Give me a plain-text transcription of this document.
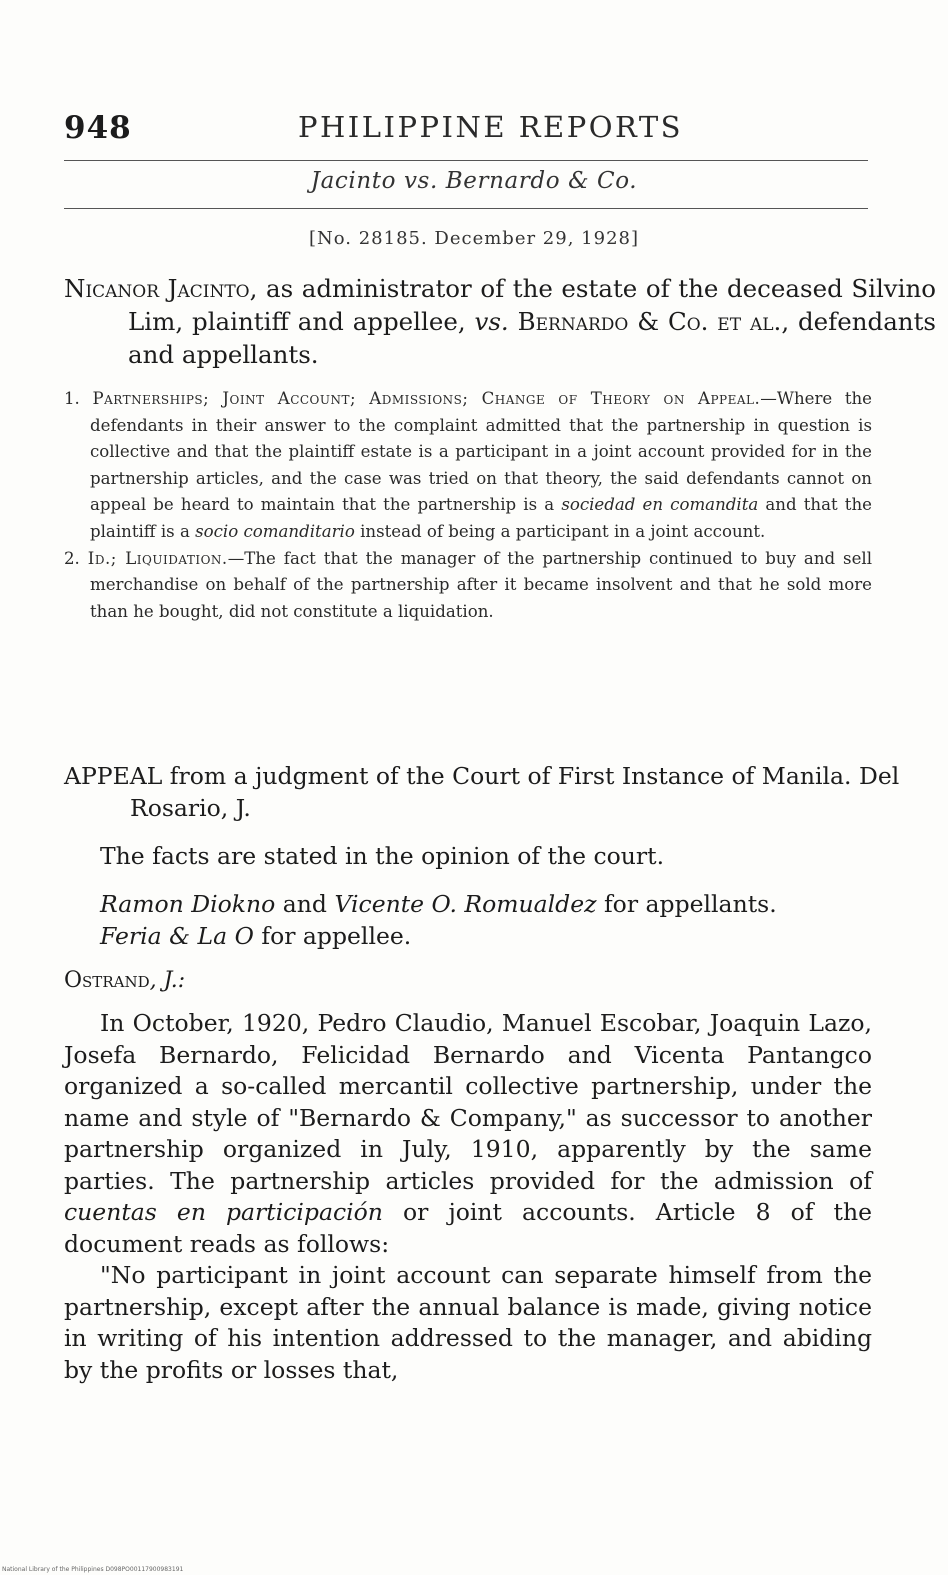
948	PHILIPPINE REPORTS
Jacinto vs. Bernardo & Co.
[No. 28185. December 29, 1928]
Nicanor Jacinto, as administrator of the estate of the deceased Silvino Lim, plaintiff and appellee, vs. Bernardo & Co. et al., defendants and appellants.

1. Partnerships; Joint Account; Admissions; Change of Theory on Appeal.—Where the defendants in their answer to the complaint admitted that the partnership in question is collective and that the plaintiff estate is a participant in a joint account provided for in the partnership articles, and the case was tried on that theory, the said defendants cannot on appeal be heard to maintain that the partnership is a sociedad en comandita and that the plaintiff is a socio comanditario instead of being a participant in a joint account.

2. Id.; Liquidation.—The fact that the manager of the partnership continued to buy and sell merchandise on behalf of the partnership after it became insolvent and that he sold more than he bought, did not constitute a liquidation.

APPEAL from a judgment of the Court of First Instance of Manila. Del Rosario, J.
The facts are stated in the opinion of the court.

Ramon Diokno and Vicente O. Romualdez for appellants.

Feria & La O for appellee.

Ostrand, J.:

In October, 1920, Pedro Claudio, Manuel Escobar, Joaquin Lazo, Josefa Bernardo, Felicidad Bernardo and Vicenta Pantangco organized a so-called mercantil collective partnership, under the name and style of "Bernardo & Company," as successor to another partnership organized in July, 1910, apparently by the same parties. The partnership articles provided for the admission of cuentas en participación or joint accounts. Article 8 of the document reads as follows:

"No participant in joint account can separate himself from the partnership, except after the annual balance is made, giving notice in writing of his intention addressed to the manager, and abiding by the profits or losses that,

National Library of the Philippines D098PO00117900983191
